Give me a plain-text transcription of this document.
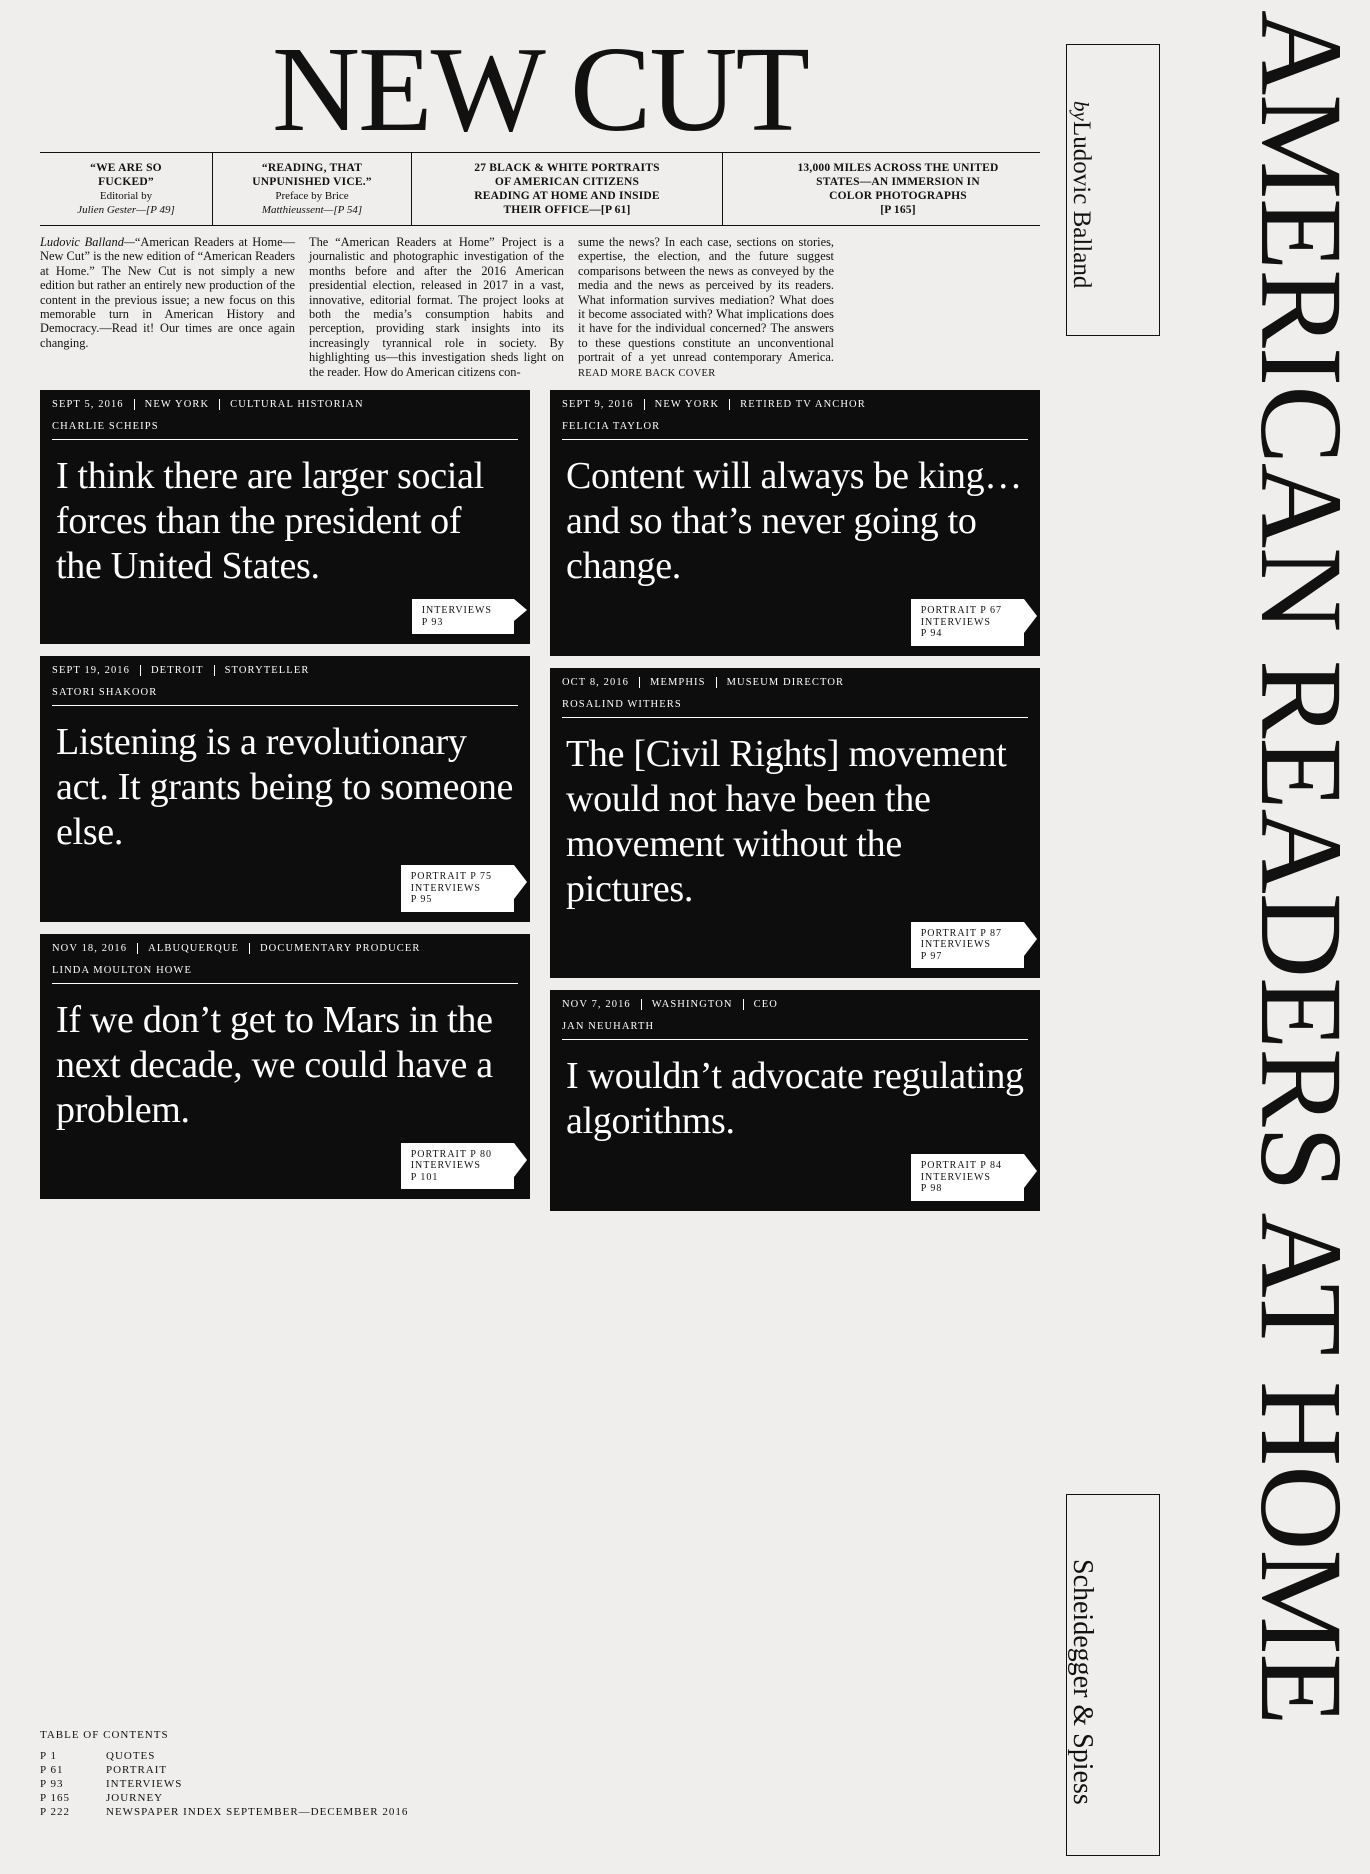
NEW CUT
“WE ARE SO
FUCKED”
Editorial by
Julien Gester—[P 49]
“READING, THAT
UNPUNISHED VICE.”
Preface by Brice
Matthieussent—[P 54]
27 BLACK & WHITE PORTRAITS
OF AMERICAN CITIZENS
READING AT HOME AND INSIDE
THEIR OFFICE—[P 61]
13,000 MILES ACROSS THE UNITED
STATES—AN IMMERSION IN
COLOR PHOTOGRAPHS
[P 165]
Ludovic Balland—“American Readers at Home—New Cut” is the new edition of “American Readers at Home.” The New Cut is not simply a new edition but rather an entirely new production of the content in the previous issue; a new focus on this memorable turn in American History and Democracy.—Read it! Our times are once again changing.
The “American Readers at Home” Project is a journalistic and photographic investigation of the months before and after the 2016 American presidential election, released in 2017 in a vast, innovative, editorial format. The project looks at both the media’s consumption habits and perception, providing stark insights into its increasingly tyrannical role in society. By highlighting us—this investigation sheds light on the reader. How do American citizens con-
sume the news? In each case, sections on stories, expertise, the election, and the future suggest comparisons between the news as conveyed by the media and the news as perceived by its readers. What information survives mediation? What does it become associated with? What implications does it have for the individual concerned? The answers to these questions constitute an unconventional portrait of a yet unread contemporary America. READ MORE BACK COVER
SEPT 5, 2016	NEW YORK	CULTURAL HISTORIAN
CHARLIE SCHEIPS
I think there are larger social forces than the president of the United States.
INTERVIEWS
P 93
SEPT 19, 2016	DETROIT	STORYTELLER
SATORI SHAKOOR
Listening is a revolutionary act. It grants being to someone else.
PORTRAIT P 75
INTERVIEWS
P 95
NOV 18, 2016	ALBUQUERQUE	DOCUMENTARY PRODUCER
LINDA MOULTON HOWE
If we don’t get to Mars in the next decade, we could have a problem.
PORTRAIT P 80
INTERVIEWS
P 101
SEPT 9, 2016	NEW YORK	RETIRED TV ANCHOR
FELICIA TAYLOR
Content will always be king… and so that’s never going to change.
PORTRAIT P 67
INTERVIEWS
P 94
OCT 8, 2016	MEMPHIS	MUSEUM DIRECTOR
ROSALIND WITHERS
The [Civil Rights] movement would not have been the movement without the pictures.
PORTRAIT P 87
INTERVIEWS
P 97
NOV 7, 2016	WASHINGTON	CEO
JAN NEUHARTH
I wouldn’t advocate regulating algorithms.
PORTRAIT P 84
INTERVIEWS
P 98
TABLE OF CONTENTS
P 1	QUOTES
P 61	PORTRAIT
P 93	INTERVIEWS
P 165	JOURNEY
P 222	NEWSPAPER INDEX SEPTEMBER—DECEMBER 2016
AMERICAN READERS AT HOME
by
Ludovic Balland
Scheidegger & Spiess
